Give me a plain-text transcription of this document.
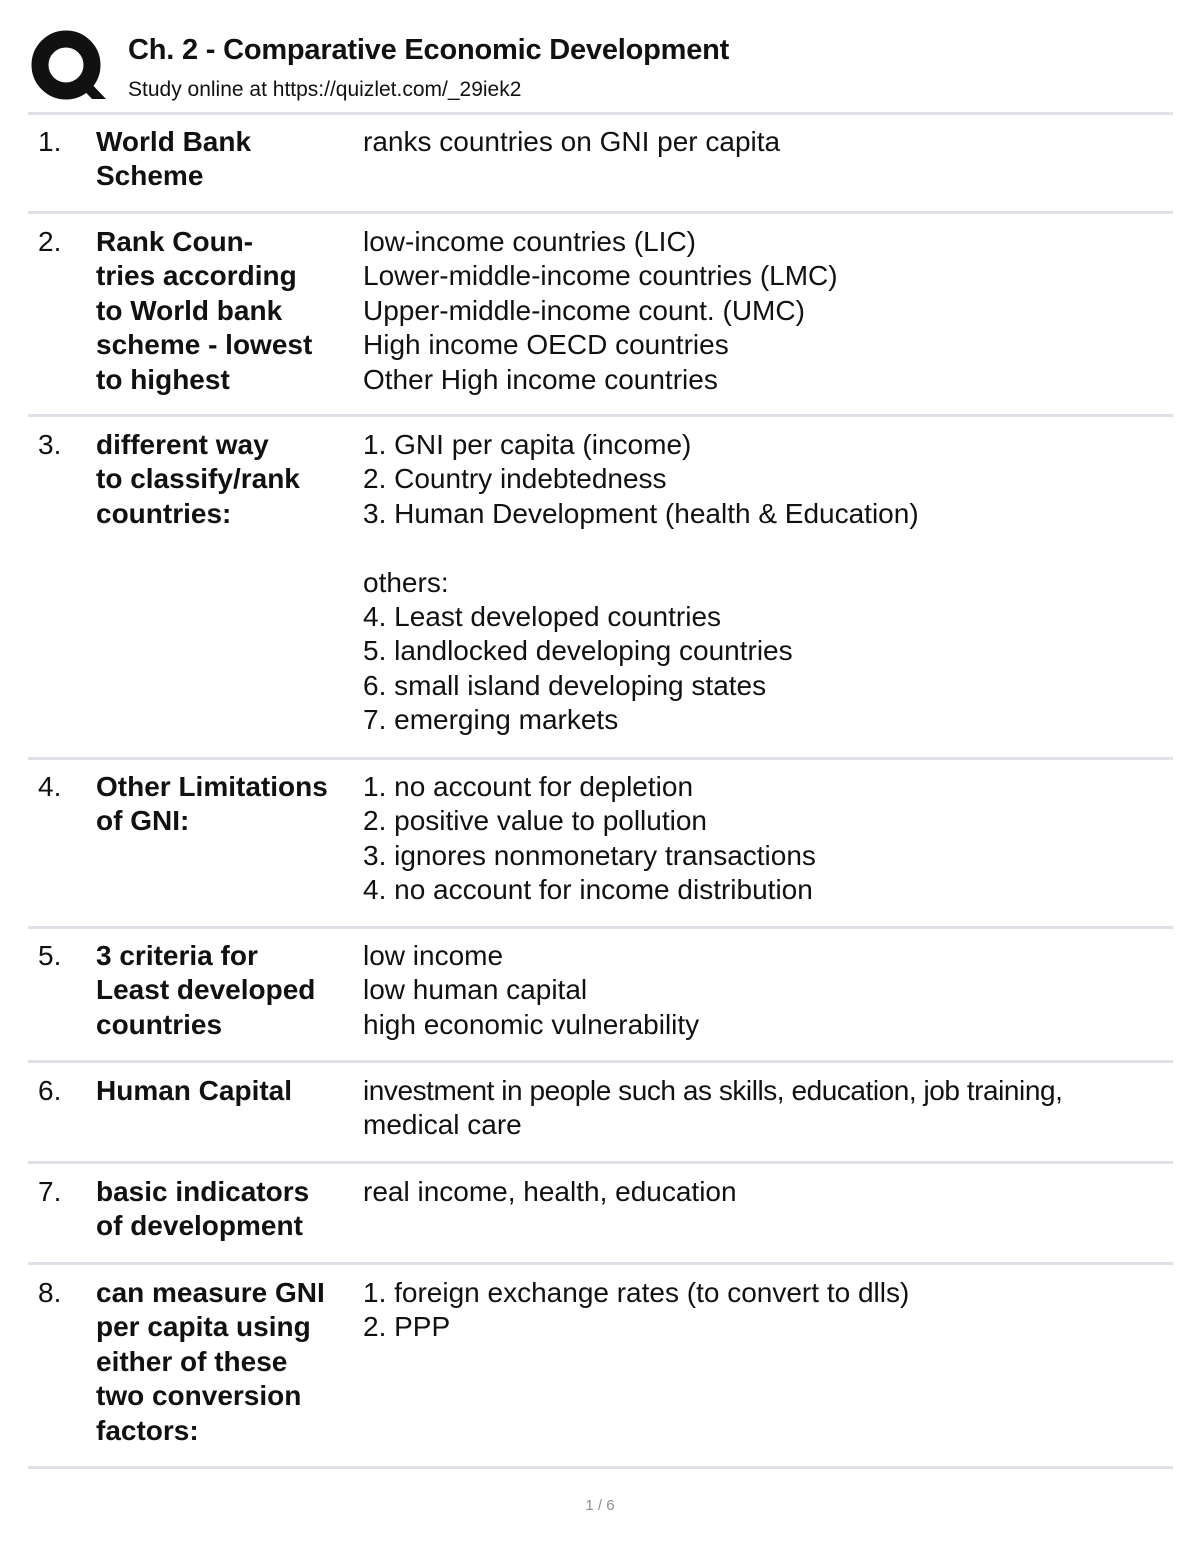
Ch. 2 - Comparative Economic Development
Study online at https://quizlet.com/_29iek2
1. World Bank
Scheme
ranks countries on GNI per capita
2. Rank Coun-
tries according
to World bank
scheme - lowest
to highest
low-income countries (LIC)
Lower-middle-income countries (LMC)
Upper-middle-income count. (UMC)
High income OECD countries
Other High income countries
3. different way
to classify/rank
countries:
1. GNI per capita (income)
2. Country indebtedness
3. Human Development (health & Education)
others:
4. Least developed countries
5. landlocked developing countries
6. small island developing states
7. emerging markets
4. Other Limitations
of GNI:
1. no account for depletion
2. positive value to pollution
3. ignores nonmonetary transactions
4. no account for income distribution
5. 3 criteria for
Least developed
countries
low income
low human capital
high economic vulnerability
6. Human Capital	investment in people such as skills, education, job training,
medical care
7. basic indicators
of development
real income, health, education
8. can measure GNI
per capita using
either of these
two conversion
factors:
1. foreign exchange rates (to convert to dlls)
2. PPP
1 / 6
